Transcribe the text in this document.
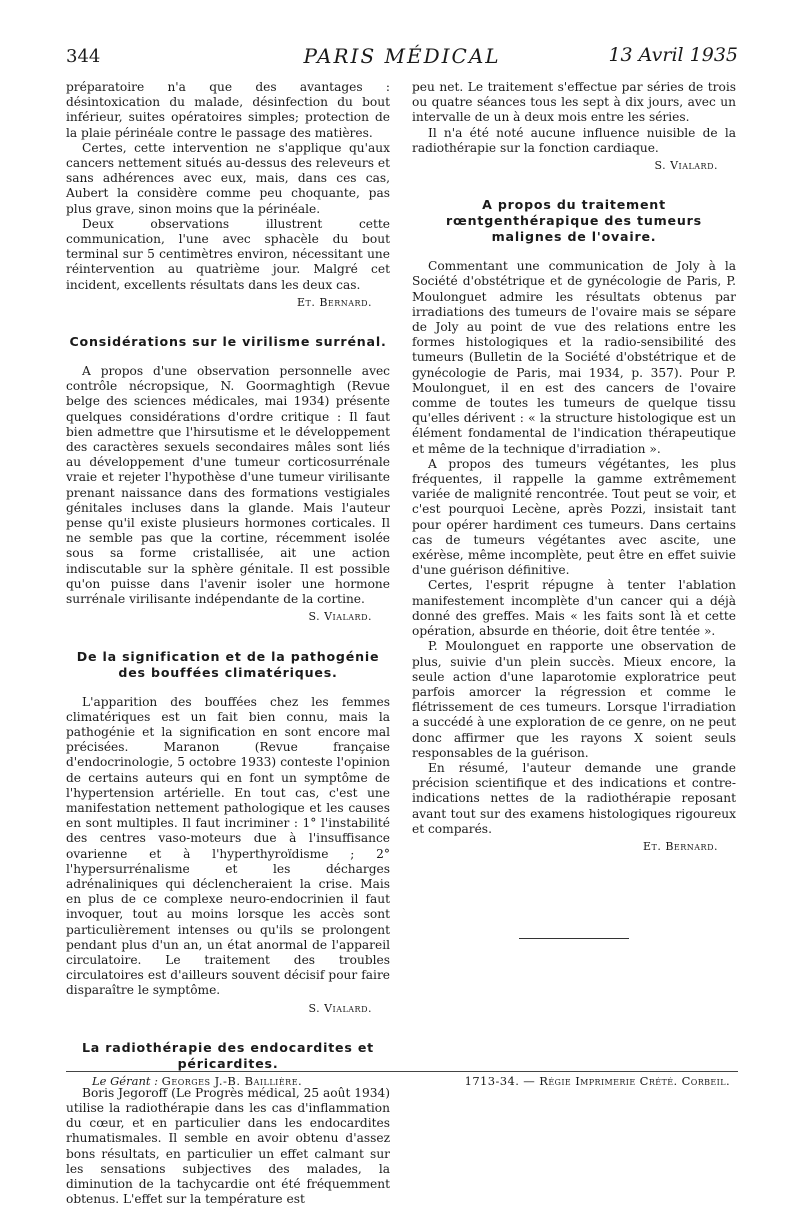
344	PARIS MÉDICAL	13 Avril 1935

préparatoire n'a que des avantages : désintoxication du malade, désinfection du bout inférieur, suites opératoires simples; protection de la plaie périnéale contre le passage des matières.

Certes, cette intervention ne s'applique qu'aux cancers nettement situés au-dessus des releveurs et sans adhérences avec eux, mais, dans ces cas, Aubert la considère comme peu choquante, pas plus grave, sinon moins que la périnéale.

Deux observations illustrent cette communication, l'une avec sphacèle du bout terminal sur 5 centimètres environ, nécessitant une réintervention au quatrième jour. Malgré cet incident, excellents résultats dans les deux cas.

Et. Bernard.
Considérations sur le virilisme surrénal.

A propos d'une observation personnelle avec contrôle nécropsique, N. Goormaghtigh (Revue belge des sciences médicales, mai 1934) présente quelques considérations d'ordre critique : Il faut bien admettre que l'hirsutisme et le développement des caractères sexuels secondaires mâles sont liés au développement d'une tumeur corticosurrénale vraie et rejeter l'hypothèse d'une tumeur virilisante prenant naissance dans des formations vestigiales génitales incluses dans la glande. Mais l'auteur pense qu'il existe plusieurs hormones corticales. Il ne semble pas que la cortine, récemment isolée sous sa forme cristallisée, ait une action indiscutable sur la sphère génitale. Il est possible qu'on puisse dans l'avenir isoler une hormone surrénale virilisante indépendante de la cortine.

S. Vialard.
De la signification et de la pathogénie des bouffées climatériques.

L'apparition des bouffées chez les femmes climatériques est un fait bien connu, mais la pathogénie et la signification en sont encore mal précisées. Maranon (Revue française d'endocrinologie, 5 octobre 1933) conteste l'opinion de certains auteurs qui en font un symptôme de l'hypertension artérielle. En tout cas, c'est une manifestation nettement pathologique et les causes en sont multiples. Il faut incriminer : 1° l'instabilité des centres vaso-moteurs due à l'insuffisance ovarienne et à l'hyperthyroïdisme ; 2° l'hypersurrénalisme et les décharges adrénaliniques qui déclencheraient la crise. Mais en plus de ce complexe neuro-endocrinien il faut invoquer, tout au moins lorsque les accès sont particulièrement intenses ou qu'ils se prolongent pendant plus d'un an, un état anormal de l'appareil circulatoire. Le traitement des troubles circulatoires est d'ailleurs souvent décisif pour faire disparaître le symptôme.

S. Vialard.
La radiothérapie des endocardites et péricardites.

Boris Jegoroff (Le Progrès médical, 25 août 1934) utilise la radiothérapie dans les cas d'inflammation du cœur, et en particulier dans les endocardites rhumatismales. Il semble en avoir obtenu d'assez bons résultats, en particulier un effet calmant sur les sensations subjectives des malades, la diminution de la tachycardie ont été fréquemment obtenus. L'effet sur la température est

peu net. Le traitement s'effectue par séries de trois ou quatre séances tous les sept à dix jours, avec un intervalle de un à deux mois entre les séries.

Il n'a été noté aucune influence nuisible de la radiothérapie sur la fonction cardiaque.

S. Vialard.
A propos du traitement rœntgenthérapique des tumeurs malignes de l'ovaire.

Commentant une communication de Joly à la Société d'obstétrique et de gynécologie de Paris, P. Moulonguet admire les résultats obtenus par irradiations des tumeurs de l'ovaire mais se sépare de Joly au point de vue des relations entre les formes histologiques et la radio-sensibilité des tumeurs (Bulletin de la Société d'obstétrique et de gynécologie de Paris, mai 1934, p. 357). Pour P. Moulonguet, il en est des cancers de l'ovaire comme de toutes les tumeurs de quelque tissu qu'elles dérivent : « la structure histologique est un élément fondamental de l'indication thérapeutique et même de la technique d'irradiation ».

A propos des tumeurs végétantes, les plus fréquentes, il rappelle la gamme extrêmement variée de malignité rencontrée. Tout peut se voir, et c'est pourquoi Lecène, après Pozzi, insistait tant pour opérer hardiment ces tumeurs. Dans certains cas de tumeurs végétantes avec ascite, une exérèse, même incomplète, peut être en effet suivie d'une guérison définitive.

Certes, l'esprit répugne à tenter l'ablation manifestement incomplète d'un cancer qui a déjà donné des greffes. Mais « les faits sont là et cette opération, absurde en théorie, doit être tentée ».

P. Moulonguet en rapporte une observation de plus, suivie d'un plein succès. Mieux encore, la seule action d'une laparotomie exploratrice peut parfois amorcer la régression et comme le flétrissement de ces tumeurs. Lorsque l'irradiation a succédé à une exploration de ce genre, on ne peut donc affirmer que les rayons X soient seuls responsables de la guérison.

En résumé, l'auteur demande une grande précision scientifique et des indications et contre-indications nettes de la radiothérapie reposant avant tout sur des examens histologiques rigoureux et comparés.

Et. Bernard.
Le Gérant : Georges J.-B. Baillière.	1713-34. — Régie Imprimerie Crété. Corbeil.
